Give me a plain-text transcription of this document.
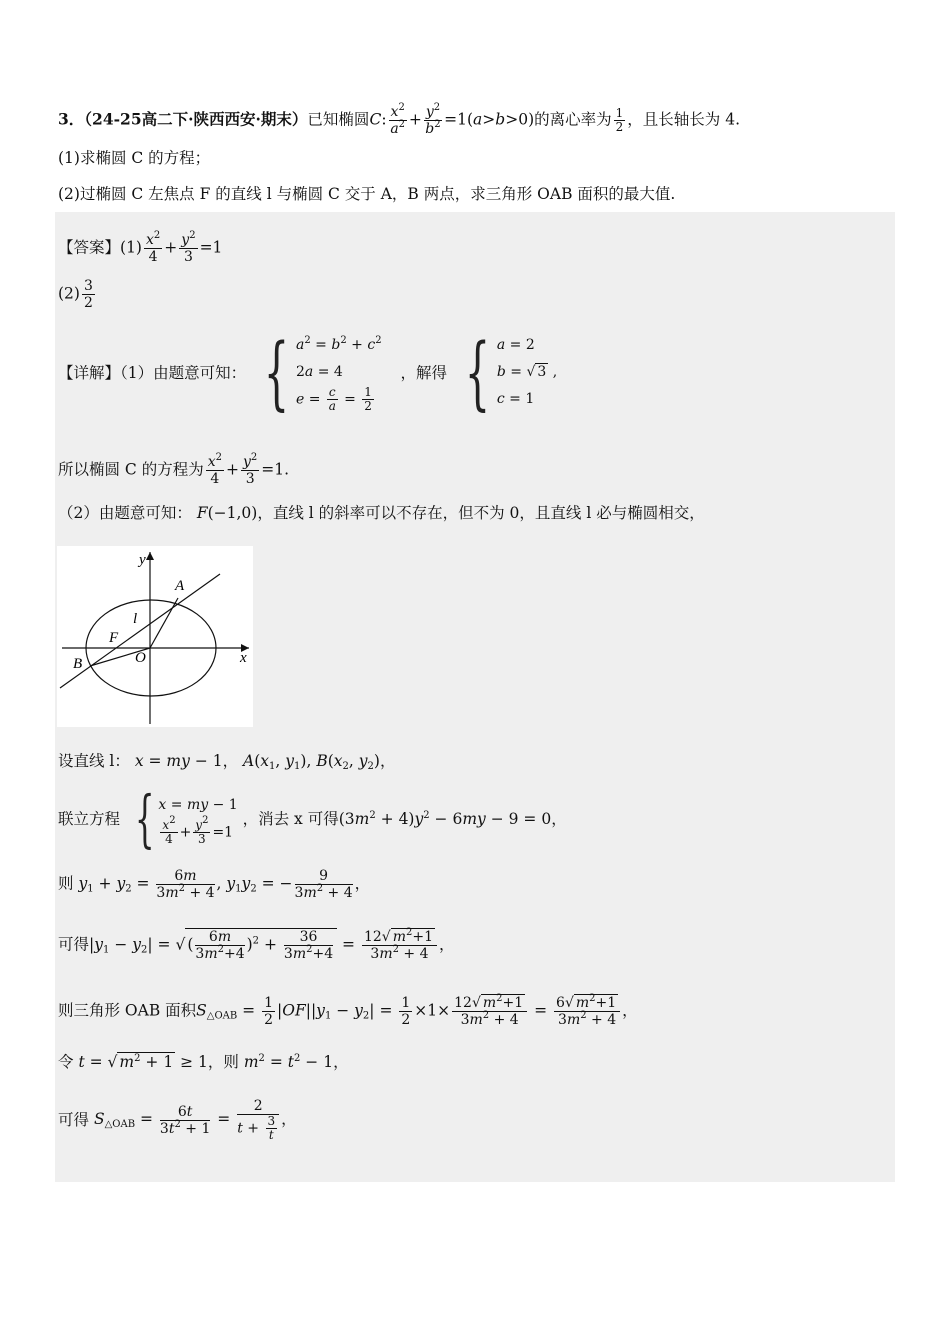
3．（24-25高二下·陕西西安·期末）已知椭圆C: $\frac{x^2}{a^2} + \frac{y^2}{b^2} =1(a>b>0)$的离心率为 $\frac{1}{2}$ ，且长轴长为 4.
(1)求椭圆 C 的方程；
(2)过椭圆 C 左焦点 F 的直线 l 与椭圆 C 交于 A，B 两点，求三角形 OAB 面积的最大值.
【答案】$(1) \frac{x^2}{4} + \frac{y^2}{3} =1$
$(2) \frac{3}{2}$
【详解】（1）由题意可知： { $a^2 = b^2 + c^2$
2a = 4
$e = \frac{c}{a} = \frac{1}{2}$
，解得 { a = 2
b = √ 3 ,
c = 1
所以椭圆 C 的方程为 $\frac{x^2}{4} + \frac{y^2}{3} =1$.
（2）由题意可知： F(−1,0)，直线 l 的斜率可以不存在，但不为 0，且直线 l 必与椭圆相交，
y
x
A
B
F
O
l
设直线 l： x = my − 1， $A(x_1$, $y_1$), $B(x_2$, $y_2$)，
联立方程 { x = my − 1
$\frac{x^2}{4} + \frac{y^2}{3} =1$
，消去 x 可得$(3m^2 + 4)y^2 - 6my - 9 = 0$，
则 $y_1 + y_2 = \frac{6m}{3m^2 + 4}$ , $y_1y_2$ = − $\frac{9}{3m^2 + 4}$ ，
可得$|y_1 - y_2|$ = √ ( $\frac{6m}{3m^2+4} )^2 + \frac{36}{3m^2+4} = \frac{12√ m^2+1}{3m^2 + 4}$ ，
则三角形 OAB 面积$S_{\triangle OAB} = \frac{1}{2} |OF||y_1 - y_2| = \frac{1}{2} \times 1\times \frac{12√ m^2+1}{3m^2 + 4} = \frac{6√ m^2+1}{3m^2 + 4}$ ，
令 t = √ $m^2 + 1 \ge 1$，则 $m^2 = t^2 - 1$，
可得 $S_{\triangle OAB} = \frac{6t}{3t^2 + 1} = \frac{2}{t + \frac{3}{t}}$ ，
